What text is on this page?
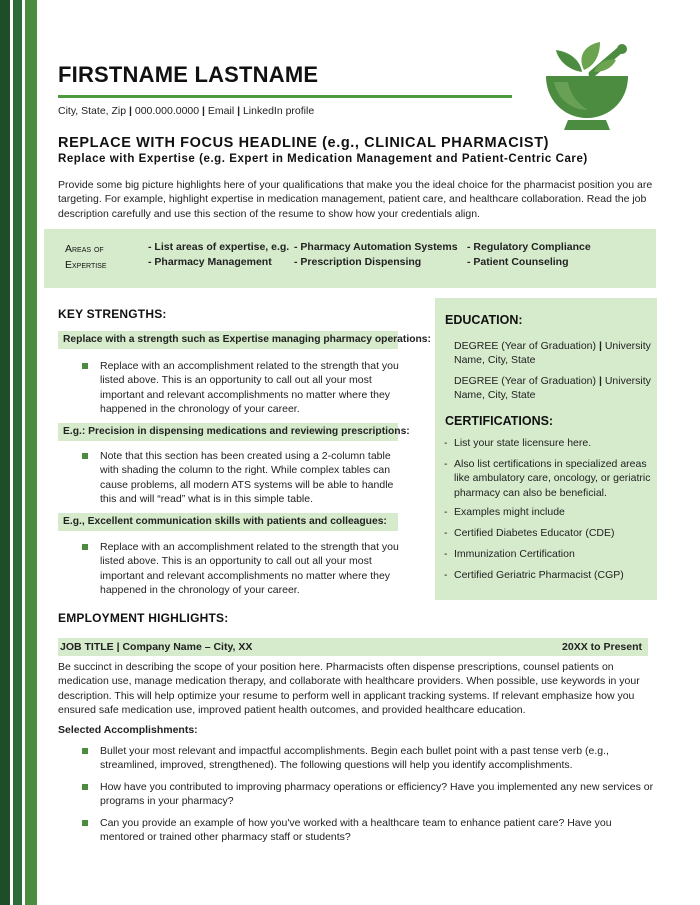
FIRSTNAME LASTNAME
City, State, Zip | 000.000.0000 | Email | LinkedIn profile
REPLACE WITH FOCUS HEADLINE (e.g., CLINICAL PHARMACIST)
Replace with Expertise (e.g. Expert in Medication Management and Patient-Centric Care)
Provide some big picture highlights here of your qualifications that make you the ideal choice for the pharmacist position you are targeting. For example, highlight expertise in medication management, patient care, and healthcare collaboration. Read the job description carefully and use this section of the resume to show how your credentials align.
Areas of
Expertise
- List areas of expertise, e.g.
- Pharmacy Management
- Pharmacy Automation Systems
- Prescription Dispensing
- Regulatory Compliance
- Patient Counseling
KEY STRENGTHS:
Replace with a strength such as Expertise managing pharmacy operations:
Replace with an accomplishment related to the strength that you listed above. This is an opportunity to call out all your most important and relevant accomplishments no matter where they happened in the chronology of your career.
E.g.: Precision in dispensing medications and reviewing prescriptions:
Note that this section has been created using a 2-column table with shading the column to the right. While complex tables can cause problems, all modern ATS systems will be able to handle this and will “read” what is in this simple table.
E.g., Excellent communication skills with patients and colleagues:
Replace with an accomplishment related to the strength that you listed above. This is an opportunity to call out all your most important and relevant accomplishments no matter where they happened in the chronology of your career.
EDUCATION:
DEGREE (Year of Graduation) | University Name, City, State
DEGREE (Year of Graduation) | University Name, City, State
CERTIFICATIONS:
- List your state licensure here.
- Also list certifications in specialized areas like ambulatory care, oncology, or geriatric pharmacy can also be beneficial.
- Examples might include
- Certified Diabetes Educator (CDE)
- Immunization Certification
- Certified Geriatric Pharmacist (CGP)
EMPLOYMENT HIGHLIGHTS:
JOB TITLE | Company Name – City, XX	20XX to Present
Be succinct in describing the scope of your position here. Pharmacists often dispense prescriptions, counsel patients on medication use, manage medication therapy, and collaborate with healthcare providers. When possible, use keywords in your description. This will help optimize your resume to perform well in applicant tracking systems. If relevant emphasize how you ensured safe medication use, improved patient health outcomes, and provided healthcare education.
Selected Accomplishments:
Bullet your most relevant and impactful accomplishments. Begin each bullet point with a past tense verb (e.g., streamlined, improved, strengthened). The following questions will help you identify accomplishments.
How have you contributed to improving pharmacy operations or efficiency? Have you implemented any new services or programs in your pharmacy?
Can you provide an example of how you've worked with a healthcare team to enhance patient care? Have you mentored or trained other pharmacy staff or students?
